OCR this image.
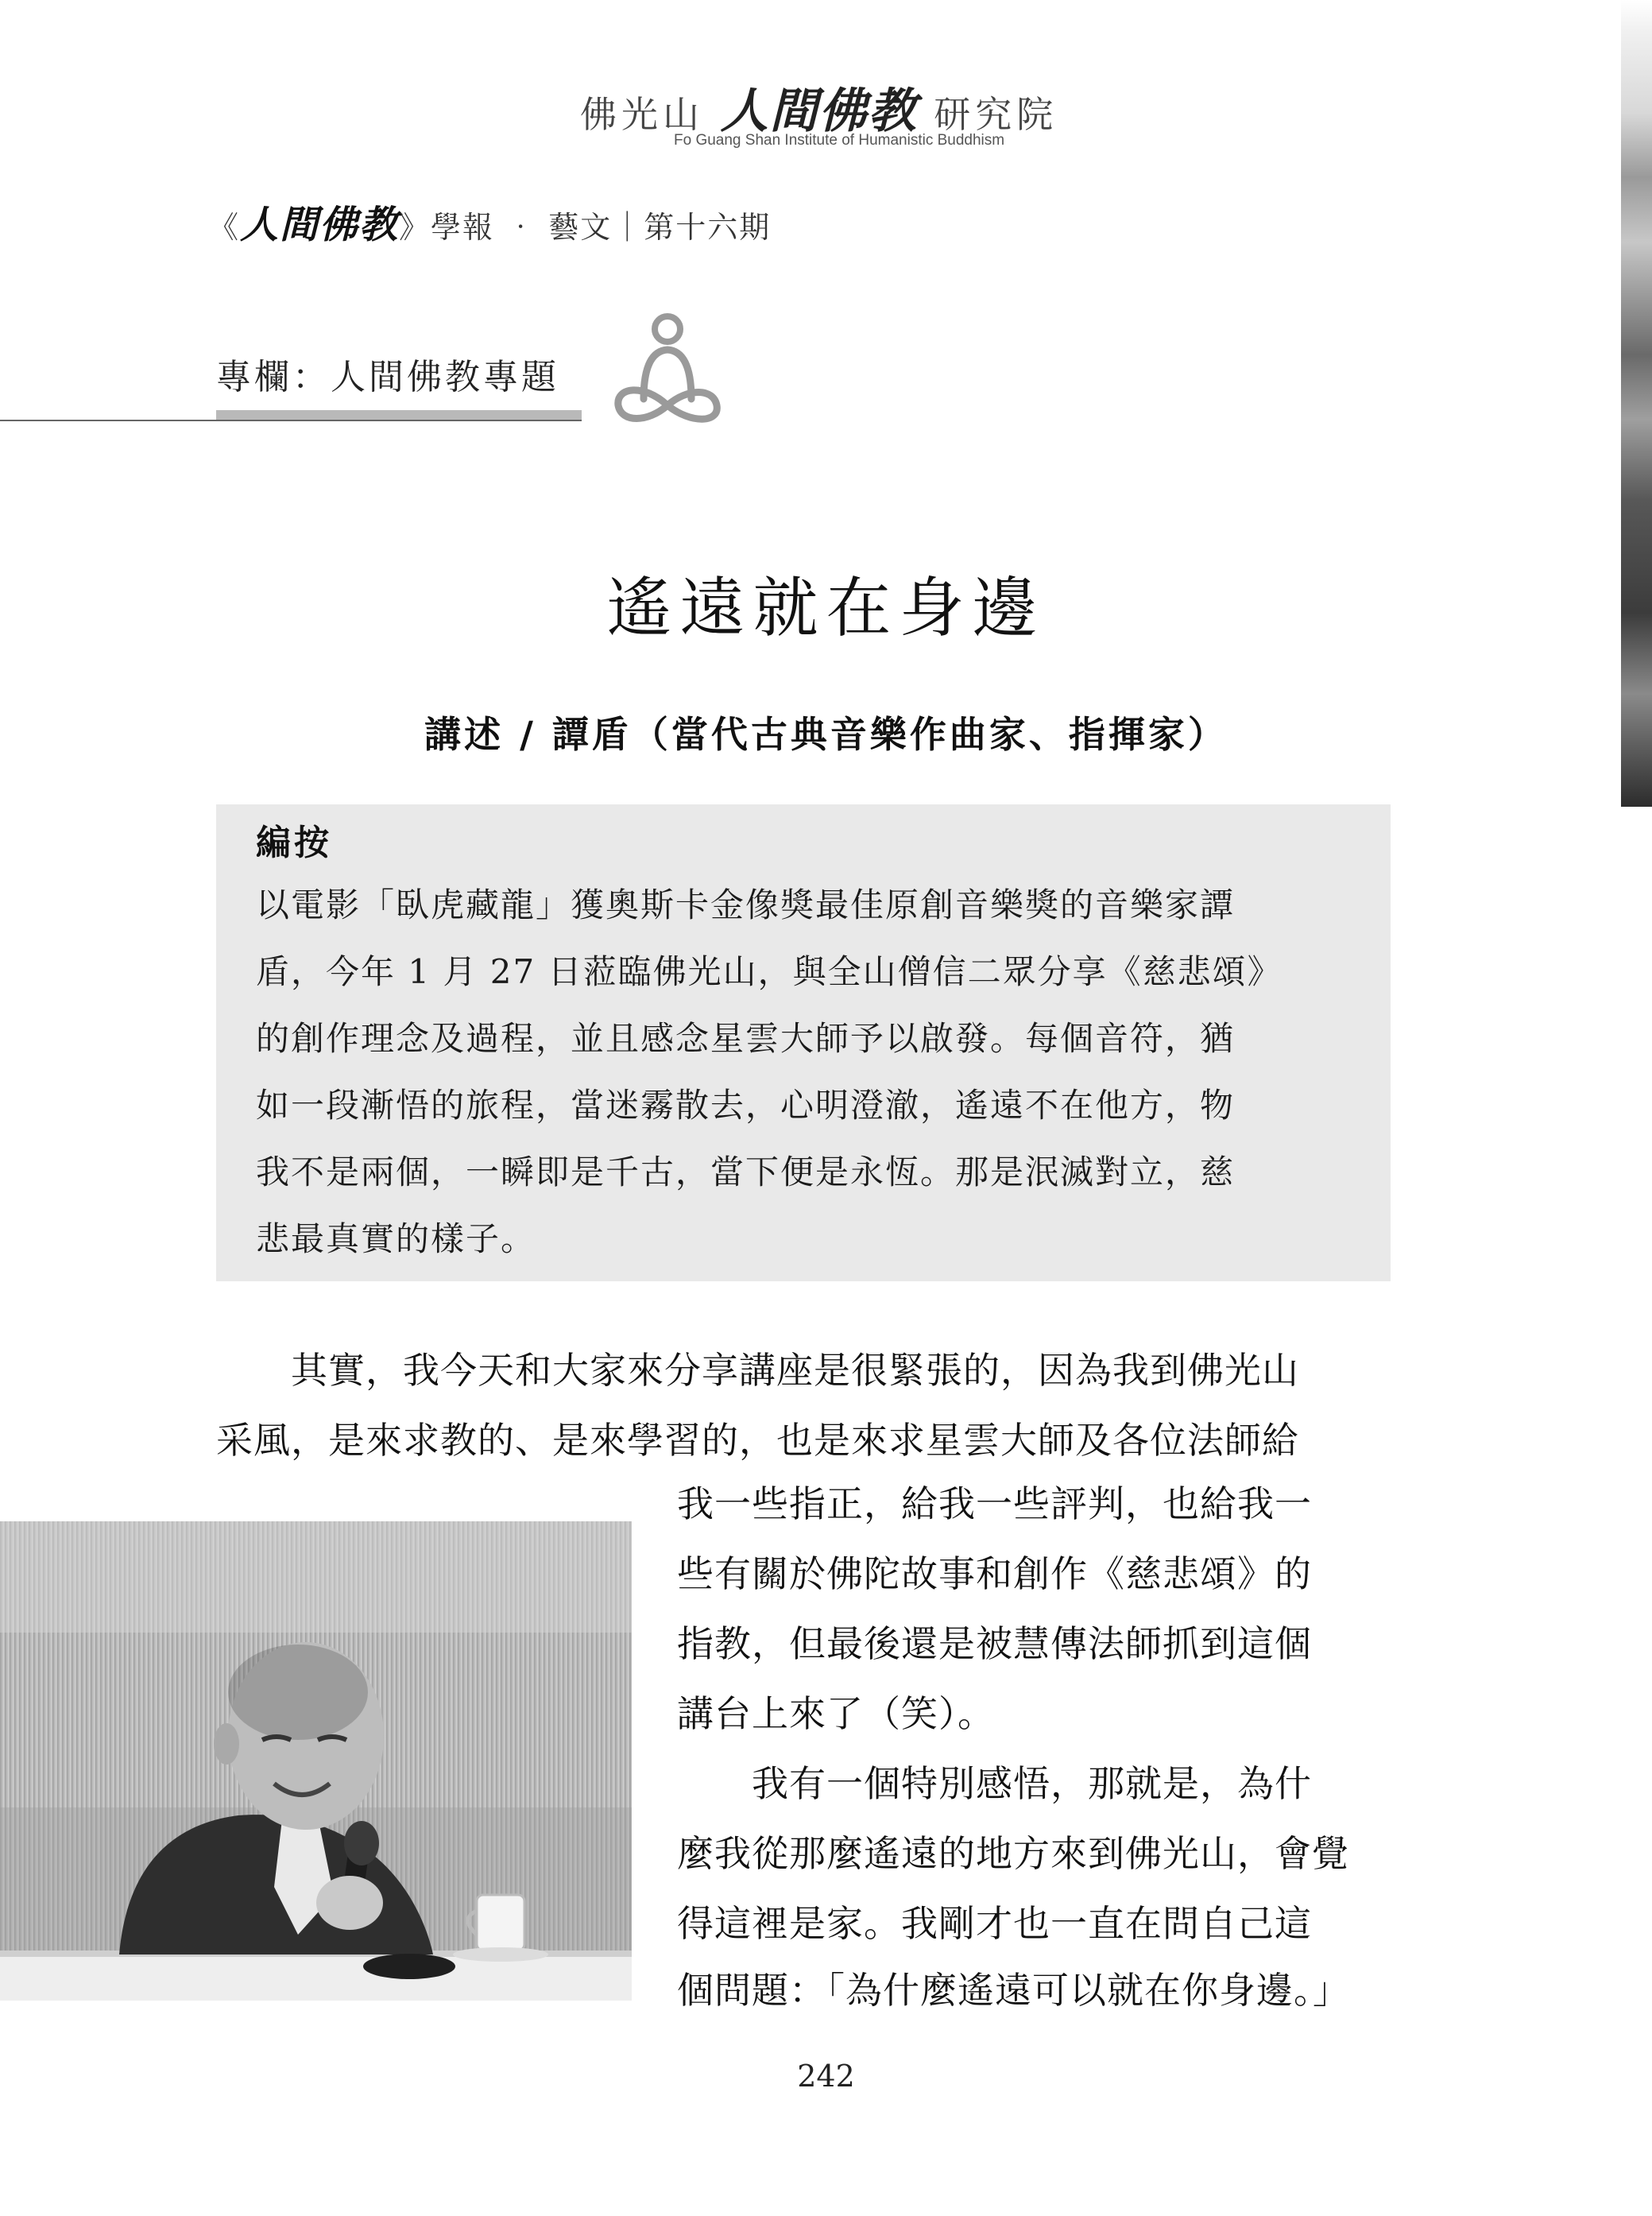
佛光山 人間佛教 研究院
Fo Guang Shan Institute of Humanistic Buddhism
《人間佛教》學報 ‧ 藝文｜第十六期
專欄：人間佛教專題
遙遠就在身邊
講述 / 譚盾（當代古典音樂作曲家、指揮家）
編按
以電影「臥虎藏龍」獲奧斯卡金像獎最佳原創音樂獎的音樂家譚
盾，今年 1 月 27 日蒞臨佛光山，與全山僧信二眾分享《慈悲頌》
的創作理念及過程，並且感念星雲大師予以啟發。每個音符，猶
如一段漸悟的旅程，當迷霧散去，心明澄澈，遙遠不在他方，物
我不是兩個，一瞬即是千古，當下便是永恆。那是泯滅對立，慈
悲最真實的樣子。
　　其實，我今天和大家來分享講座是很緊張的，因為我到佛光山
采風，是來求教的、是來學習的，也是來求星雲大師及各位法師給
我一些指正，給我一些評判，也給我一
些有關於佛陀故事和創作《慈悲頌》的
指教，但最後還是被慧傳法師抓到這個
講台上來了（笑）。
　　我有一個特別感悟，那就是，為什
麼我從那麼遙遠的地方來到佛光山，會覺
得這裡是家。我剛才也一直在問自己這
個問題：「為什麼遙遠可以就在你身邊。」
242
